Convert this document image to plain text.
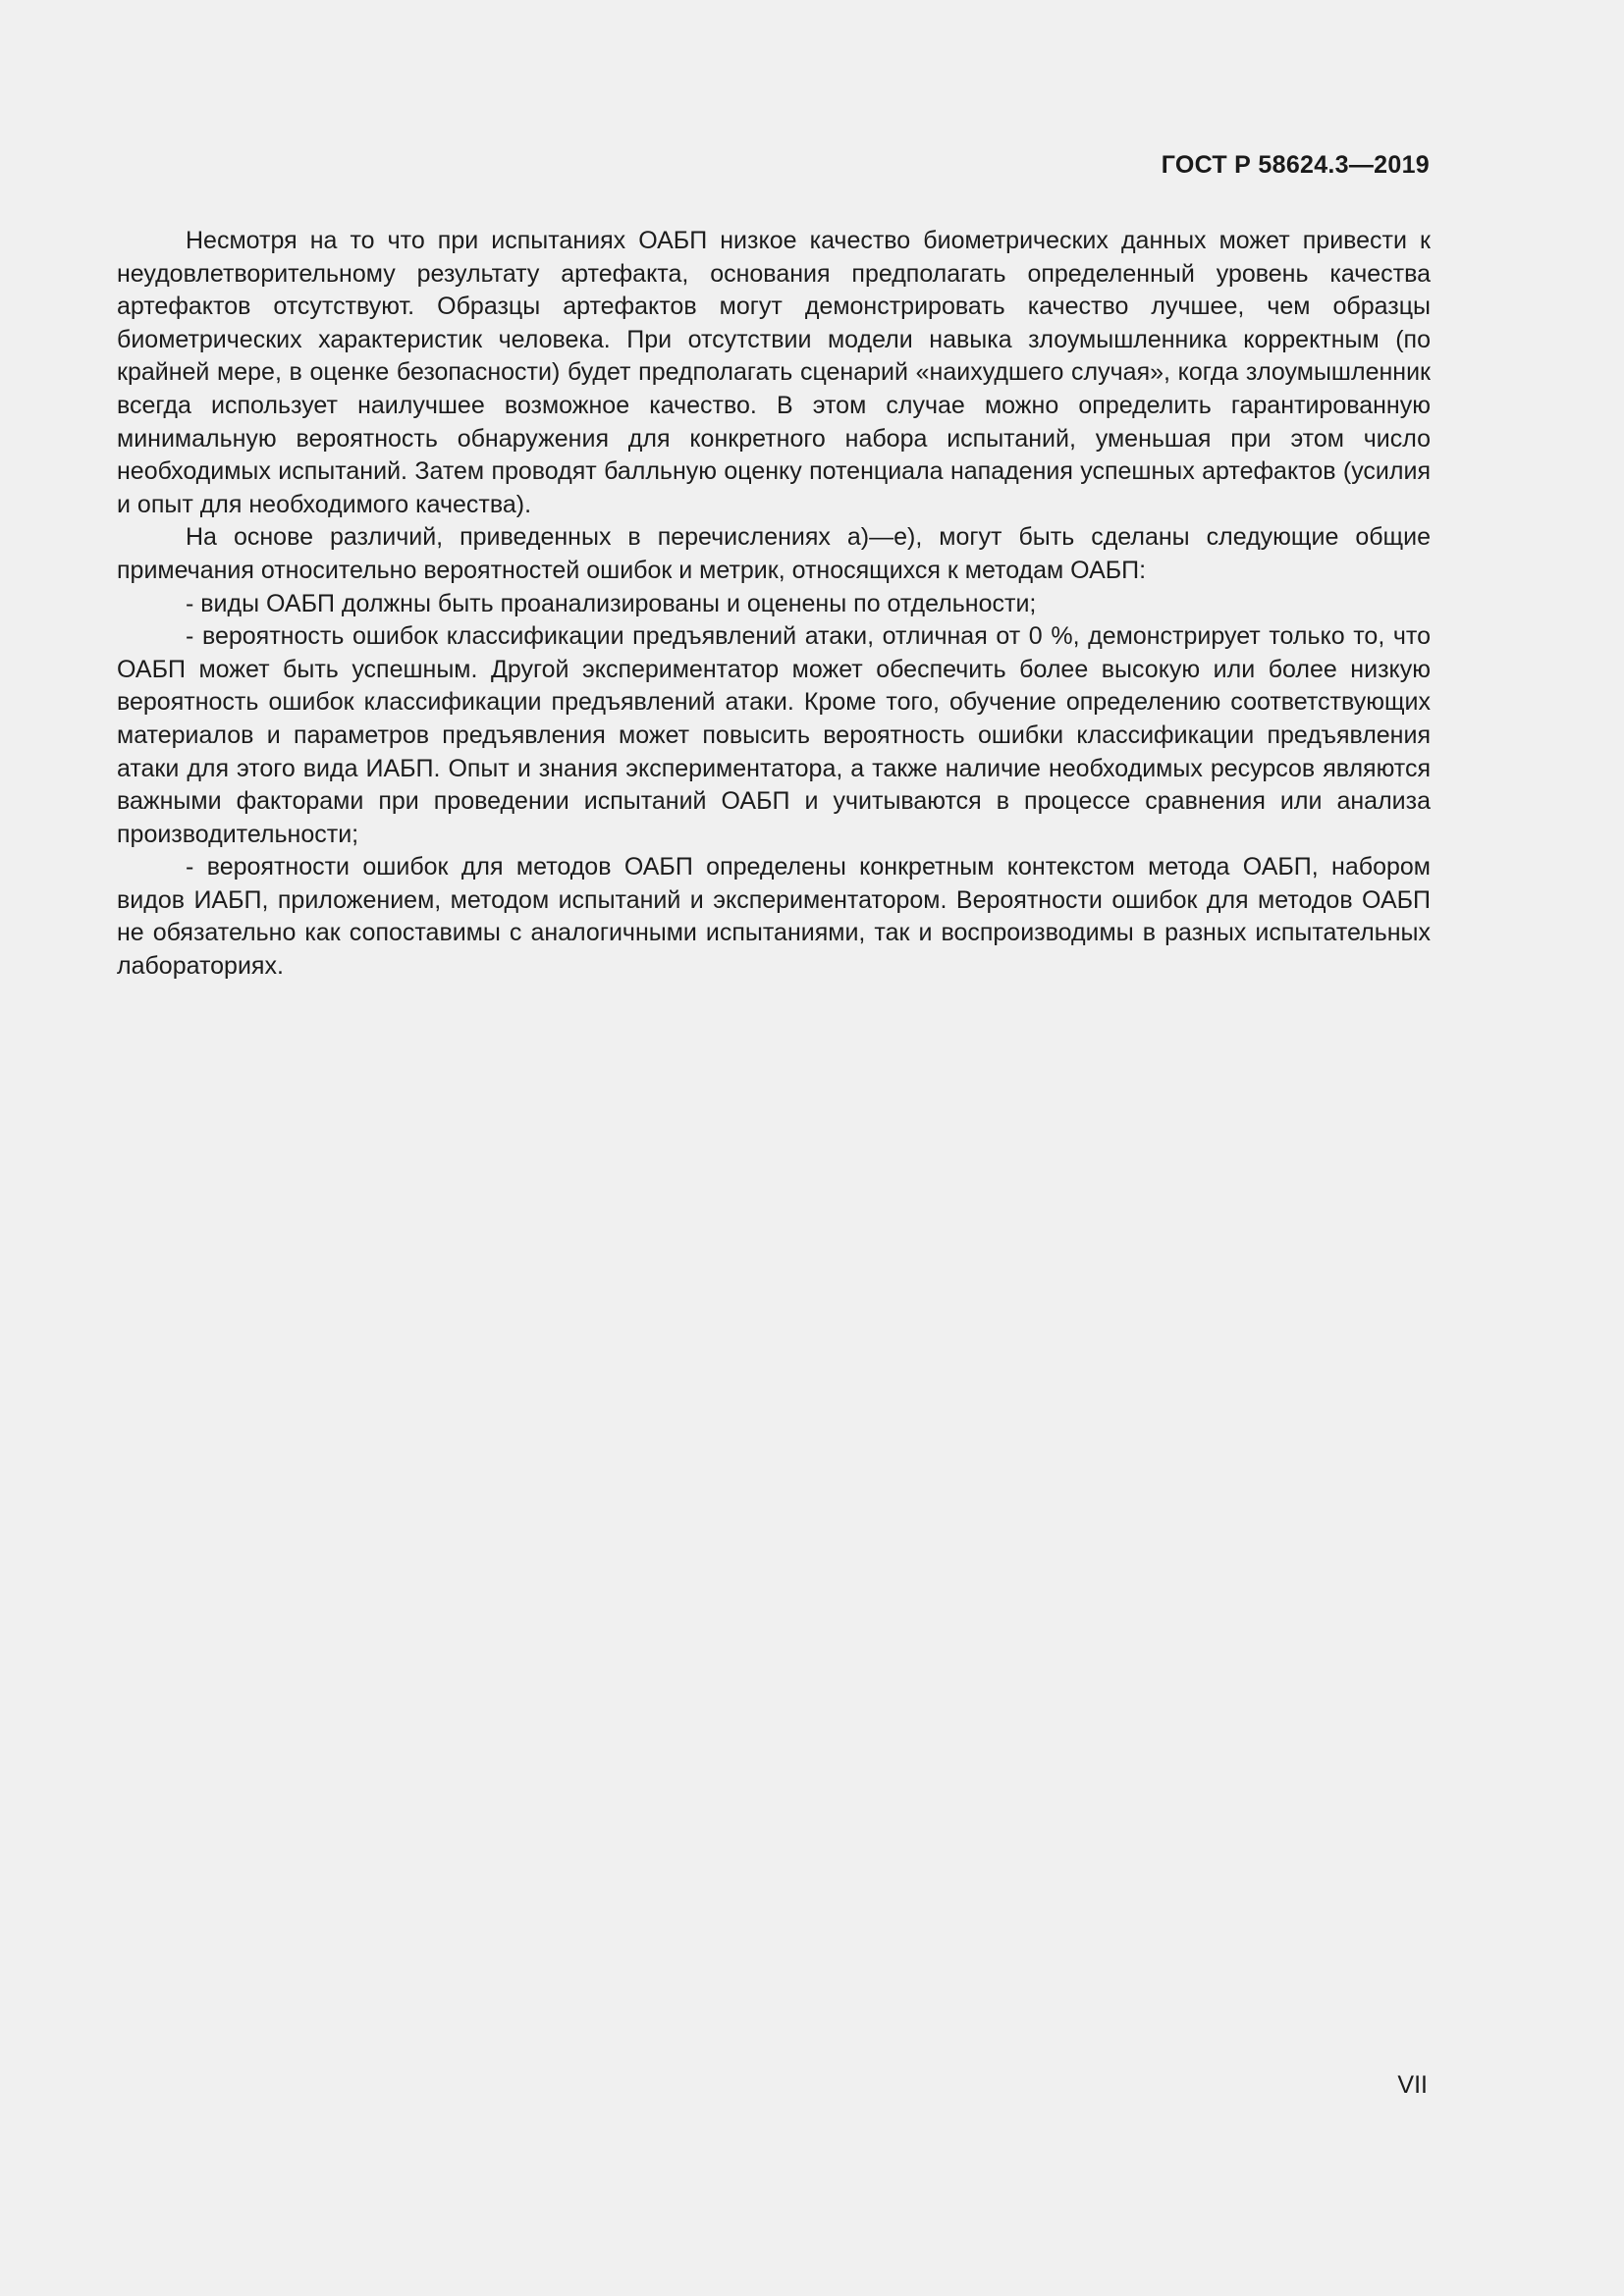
ГОСТ Р 58624.3—2019

Несмотря на то что при испытаниях ОАБП низкое качество биометрических данных может привести к неудовлетворительному результату артефакта, основания предполагать определенный уровень качества артефактов отсутствуют. Образцы артефактов могут демонстрировать качество лучшее, чем образцы биометрических характеристик человека. При отсутствии модели навыка злоумышленника корректным (по крайней мере, в оценке безопасности) будет предполагать сценарий «наихудшего случая», когда злоумышленник всегда использует наилучшее возможное качество. В этом случае можно определить гарантированную минимальную вероятность обнаружения для конкретного набора испытаний, уменьшая при этом число необходимых испытаний. Затем проводят балльную оценку потенциала нападения успешных артефактов (усилия и опыт для необходимого качества).

На основе различий, приведенных в перечислениях а)—е), могут быть сделаны следующие общие примечания относительно вероятностей ошибок и метрик, относящихся к методам ОАБП:

- виды ОАБП должны быть проанализированы и оценены по отдельности;

- вероятность ошибок классификации предъявлений атаки, отличная от 0 %, демонстрирует только то, что ОАБП может быть успешным. Другой экспериментатор может обеспечить более высокую или более низкую вероятность ошибок классификации предъявлений атаки. Кроме того, обучение определению соответствующих материалов и параметров предъявления может повысить вероятность ошибки классификации предъявления атаки для этого вида ИАБП. Опыт и знания экспериментатора, а также наличие необходимых ресурсов являются важными факторами при проведении испытаний ОАБП и учитываются в процессе сравнения или анализа производительности;

- вероятности ошибок для методов ОАБП определены конкретным контекстом метода ОАБП, набором видов ИАБП, приложением, методом испытаний и экспериментатором. Вероятности ошибок для методов ОАБП не обязательно как сопоставимы с аналогичными испытаниями, так и воспроизводимы в разных испытательных лабораториях.

VII
